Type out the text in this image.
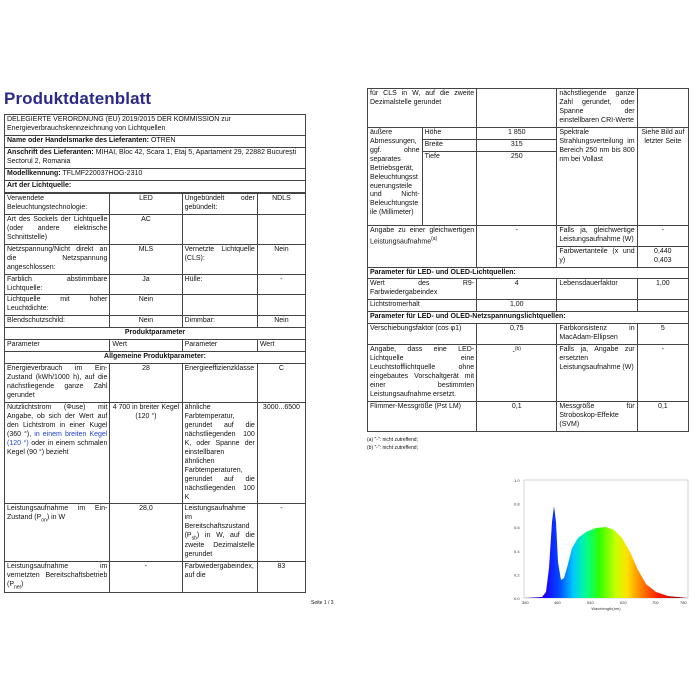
Produktdatenblatt
DELEGIERTE VERORDNUNG (EU) 2019/2015 DER KOMMISSION zur Energieverbrauchskennzeichnung von Lichtquellen
Name oder Handelsmarke des Lieferanten: OTREN
Anschrift des Lieferanten: MIHAI, Bloc 42, Scara 1, Etaj 5, Apartament 29, 22882 București Sectorul 2, Romania
Modellkennung: TFLMF220037HOG-2310
Art der Lichtquelle:
Verwendete Beleuchtungstechnologie:	LED	Ungebündelt oder gebündelt:	NDLS
Art des Sockels der Lichtquelle (oder andere elektrische Schnittstelle)	AC		
Netzspannung/Nicht direkt an die Netzspannung angeschlossen:	MLS	Vernetzte Lichtquelle (CLS):	Nein
Farblich abstimmbare Lichtquelle:	Ja	Hülle:	-
Lichtquelle mit hoher Leuchtdichte:	Nein		
Blendschutzschild:	Nein	Dimmbar:	Nein
Produktparameter			
Parameter	Wert	Parameter	Wert
Allgemeine Produktparameter:			
Energieverbrauch im Ein-Zustand (kWh/1000 h), auf die nächstliegende ganze Zahl gerundet	28	Energieeffizienzklasse	C
Nutzlichtstrom (Φuse) mit Angabe, ob sich der Wert auf den Lichtstrom in einer Kugel (360 °), in einem breiten Kegel (120 °) oder in einem schmalen Kegel (90 °) bezieht	4 700 in breiter Kegel (120 °)	ähnliche Farbtemperatur, gerundet auf die nächstliegenden 100 K, oder Spanne der einstellbaren ähnlichen Farbtemperaturen, gerundet auf die nächstliegenden 100 K	3000...6500
Leistungsaufnahme im Ein-Zustand $(P_{on})$ in W	28,0	Leistungsaufnahme im Bereitschaftszustand $(P_{sb})$ in W, auf die zweite Dezimalstelle gerundet	-
Leistungsaufnahme im vernetzten Bereitschaftsbetrieb $(P_{net})$	-	Farbwiedergabeindex, auf die	83
Seite 1 / 3
für CLS in W, auf die zweite Dezimalstelle gerundet			nächstliegende ganze Zahl gerundet, oder Spanne der einstellbaren CRI-Werte	
äußere Abmessungen, ggf. ohne separates Betriebsgerät, Beleuchtungssteuerungsteile und Nicht-Beleuchtungsteile (Millimeter)	Höhe	1 850	Spektrale Strahlungsverteilung im Bereich 250 nm bis 800 nm bei Vollast	Siehe Bild auf letzter Seite
	Breite	315		
	Tiefe	250		
Angabe zu einer gleichwertigen Leistungsaufnahme$^{(a)}$		-	Falls ja, gleichwertige Leistungsaufnahme (W)	-
			Farbwertanteile (x und y)	0,440
0,403
Parameter für LED- und OLED-Lichtquellen:				
Wert des R9-Farbwiedergabeindex		4	Lebensdauerfaktor	1,00
Lichtstromerhalt		1,00		
Parameter für LED- und OLED-Netzspannungslichtquellen:				
Verschiebungsfaktor (cos φ1)		0,75	Farbkonsistenz in MacAdam-Ellipsen	5
Angabe, dass eine LED-Lichtquelle eine Leuchtstofflichtquelle ohne eingebautes Vorschaltgerät mit einer bestimmten Leistungsaufnahme ersetzt.		-$^{(b)}$	Falls ja, Angabe zur ersetzten Leistungsaufnahme (W)	-
Flimmer-Messgröße (Pst LM)		0,1	Messgröße für Stroboskop-Effekte (SVM)	0,1
(a) "-": nicht zutreffend;
(b) "-": nicht zutreffend;
1.0
0.8
0.6
0.4
0.2
0.0
380	460	540	620	700	780
Wavelength(nm)
